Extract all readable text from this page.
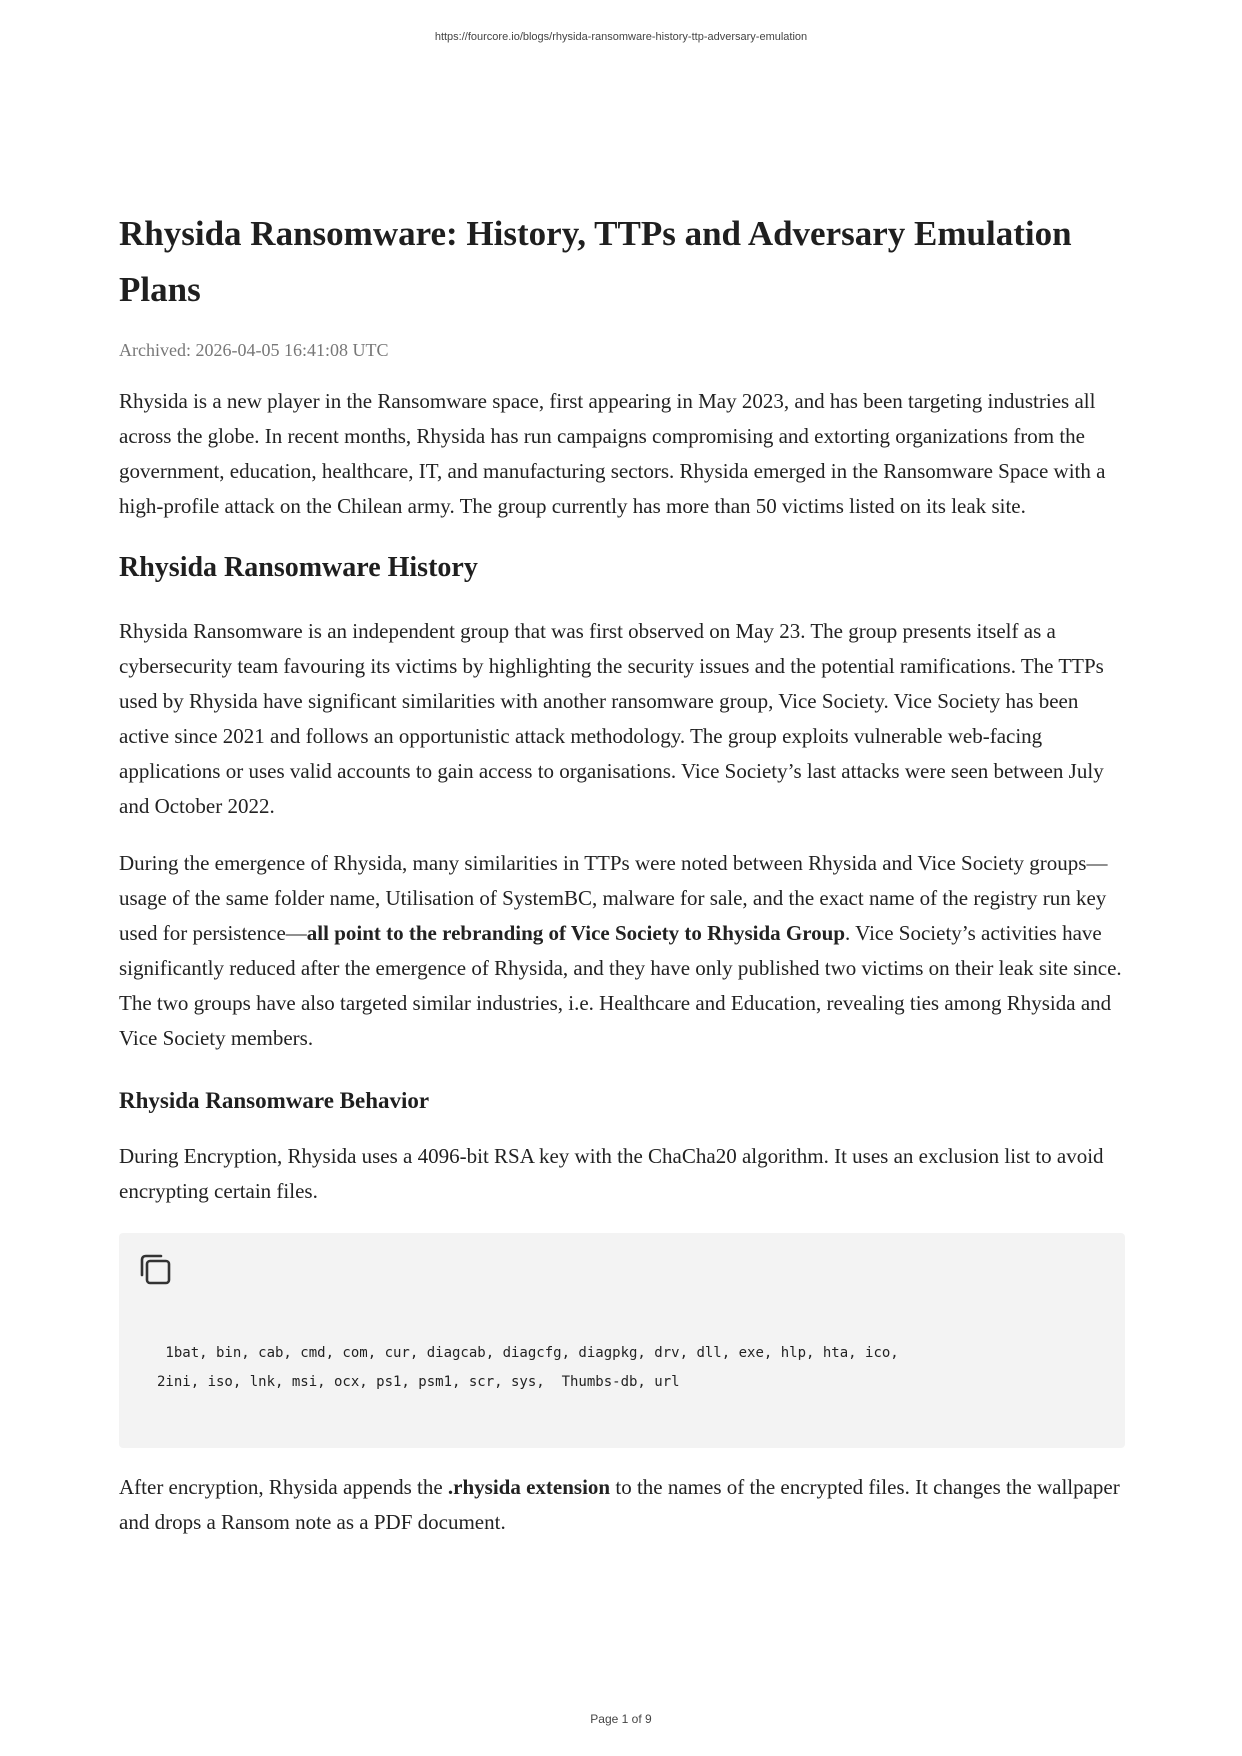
https://fourcore.io/blogs/rhysida-ransomware-history-ttp-adversary-emulation
Rhysida Ransomware: History, TTPs and Adversary Emulation Plans
Archived: 2026-04-05 16:41:08 UTC

Rhysida is a new player in the Ransomware space, first appearing in May 2023, and has been targeting industries all across the globe. In recent months, Rhysida has run campaigns compromising and extorting organizations from the government, education, healthcare, IT, and manufacturing sectors. Rhysida emerged in the Ransomware Space with a high-profile attack on the Chilean army. The group currently has more than 50 victims listed on its leak site.

Rhysida Ransomware History

Rhysida Ransomware is an independent group that was first observed on May 23. The group presents itself as a cybersecurity team favouring its victims by highlighting the security issues and the potential ramifications. The TTPs used by Rhysida have significant similarities with another ransomware group, Vice Society. Vice Society has been active since 2021 and follows an opportunistic attack methodology. The group exploits vulnerable web-facing applications or uses valid accounts to gain access to organisations. Vice Society’s last attacks were seen between July and October 2022.

During the emergence of Rhysida, many similarities in TTPs were noted between Rhysida and Vice Society groups—usage of the same folder name, Utilisation of SystemBC, malware for sale, and the exact name of the registry run key used for persistence—all point to the rebranding of Vice Society to Rhysida Group. Vice Society’s activities have significantly reduced after the emergence of Rhysida, and they have only published two victims on their leak site since. The two groups have also targeted similar industries, i.e. Healthcare and Education, revealing ties among Rhysida and Vice Society members.

Rhysida Ransomware Behavior

During Encryption, Rhysida uses a 4096-bit RSA key with the ChaCha20 algorithm. It uses an exclusion list to avoid encrypting certain files.

1bat, bin, cab, cmd, com, cur, diagcab, diagcfg, diagpkg, drv, dll, exe, hlp, hta, ico,
2ini, iso, lnk, msi, ocx, ps1, psm1, scr, sys,  Thumbs-db, url

After encryption, Rhysida appends the .rhysida extension to the names of the encrypted files. It changes the wallpaper and drops a Ransom note as a PDF document.

Page 1 of 9
